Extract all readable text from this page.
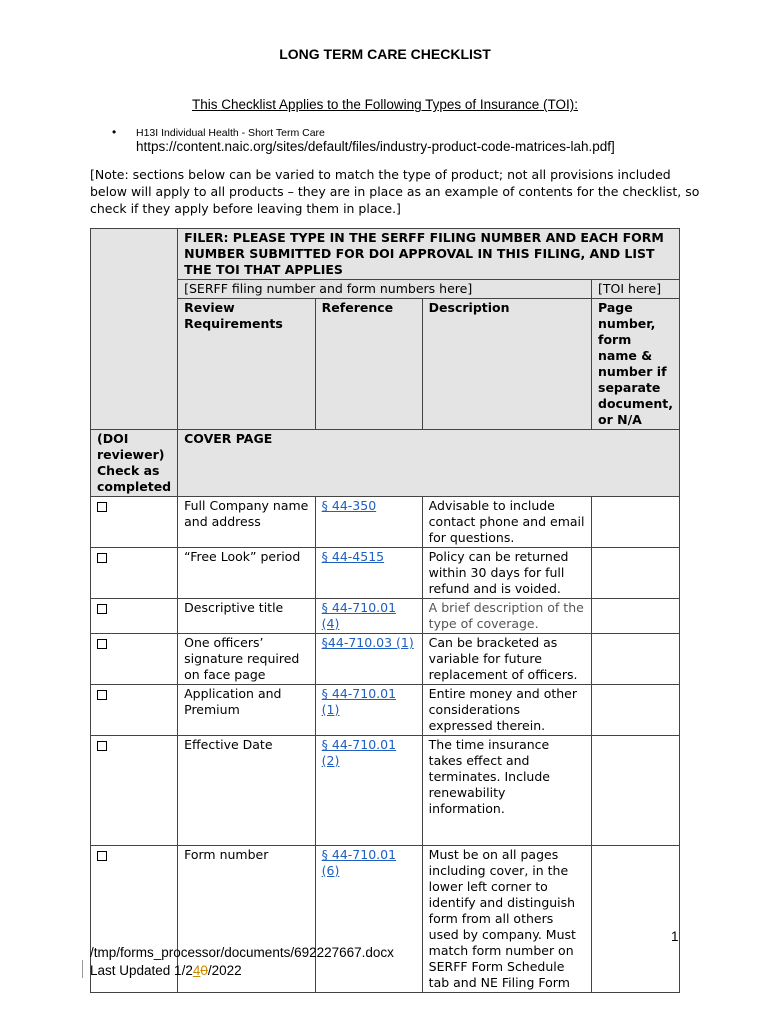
LONG TERM CARE CHECKLIST
This Checklist Applies to the Following Types of Insurance (TOI):
• H13I Individual Health - Short Term Care
https://content.naic.org/sites/default/files/industry-product-code-matrices-lah.pdf]
[Note: sections below can be varied to match the type of product; not all provisions included below will apply to all products – they are in place as an example of contents for the checklist, so check if they apply before leaving them in place.]
	FILER: PLEASE TYPE IN THE SERFF FILING NUMBER AND EACH FORM NUMBER SUBMITTED FOR DOI APPROVAL IN THIS FILING, AND LIST THE TOI THAT APPLIES			
	[SERFF filing number and form numbers here]			[TOI here]
	Review Requirements	Reference	Description	Page number, form name & number if separate document, or N/A
(DOI reviewer) Check as completed	COVER PAGE			
	Full Company name and address	§ 44-350	Advisable to include contact phone and email for questions.	
	“Free Look” period	§ 44-4515	Policy can be returned within 30 days for full refund and is voided.	
	Descriptive title	§ 44-710.01 (4)	A brief description of the type of coverage.	
	One officers’ signature required on face page	§44-710.03 (1)	Can be bracketed as variable for future replacement of officers.	
	Application and Premium	§ 44-710.01 (1)	Entire money and other considerations expressed therein.	
	Effective Date	§ 44-710.01 (2)	The time insurance takes effect and terminates. Include renewability information.	
	Form number	§ 44-710.01 (6)	Must be on all pages including cover, in the lower left corner to identify and distinguish form from all others used by company. Must match form number on SERFF Form Schedule tab and NE Filing Form	
1
/tmp/forms_processor/documents/692227667.docx
Last Updated 1/240/2022
